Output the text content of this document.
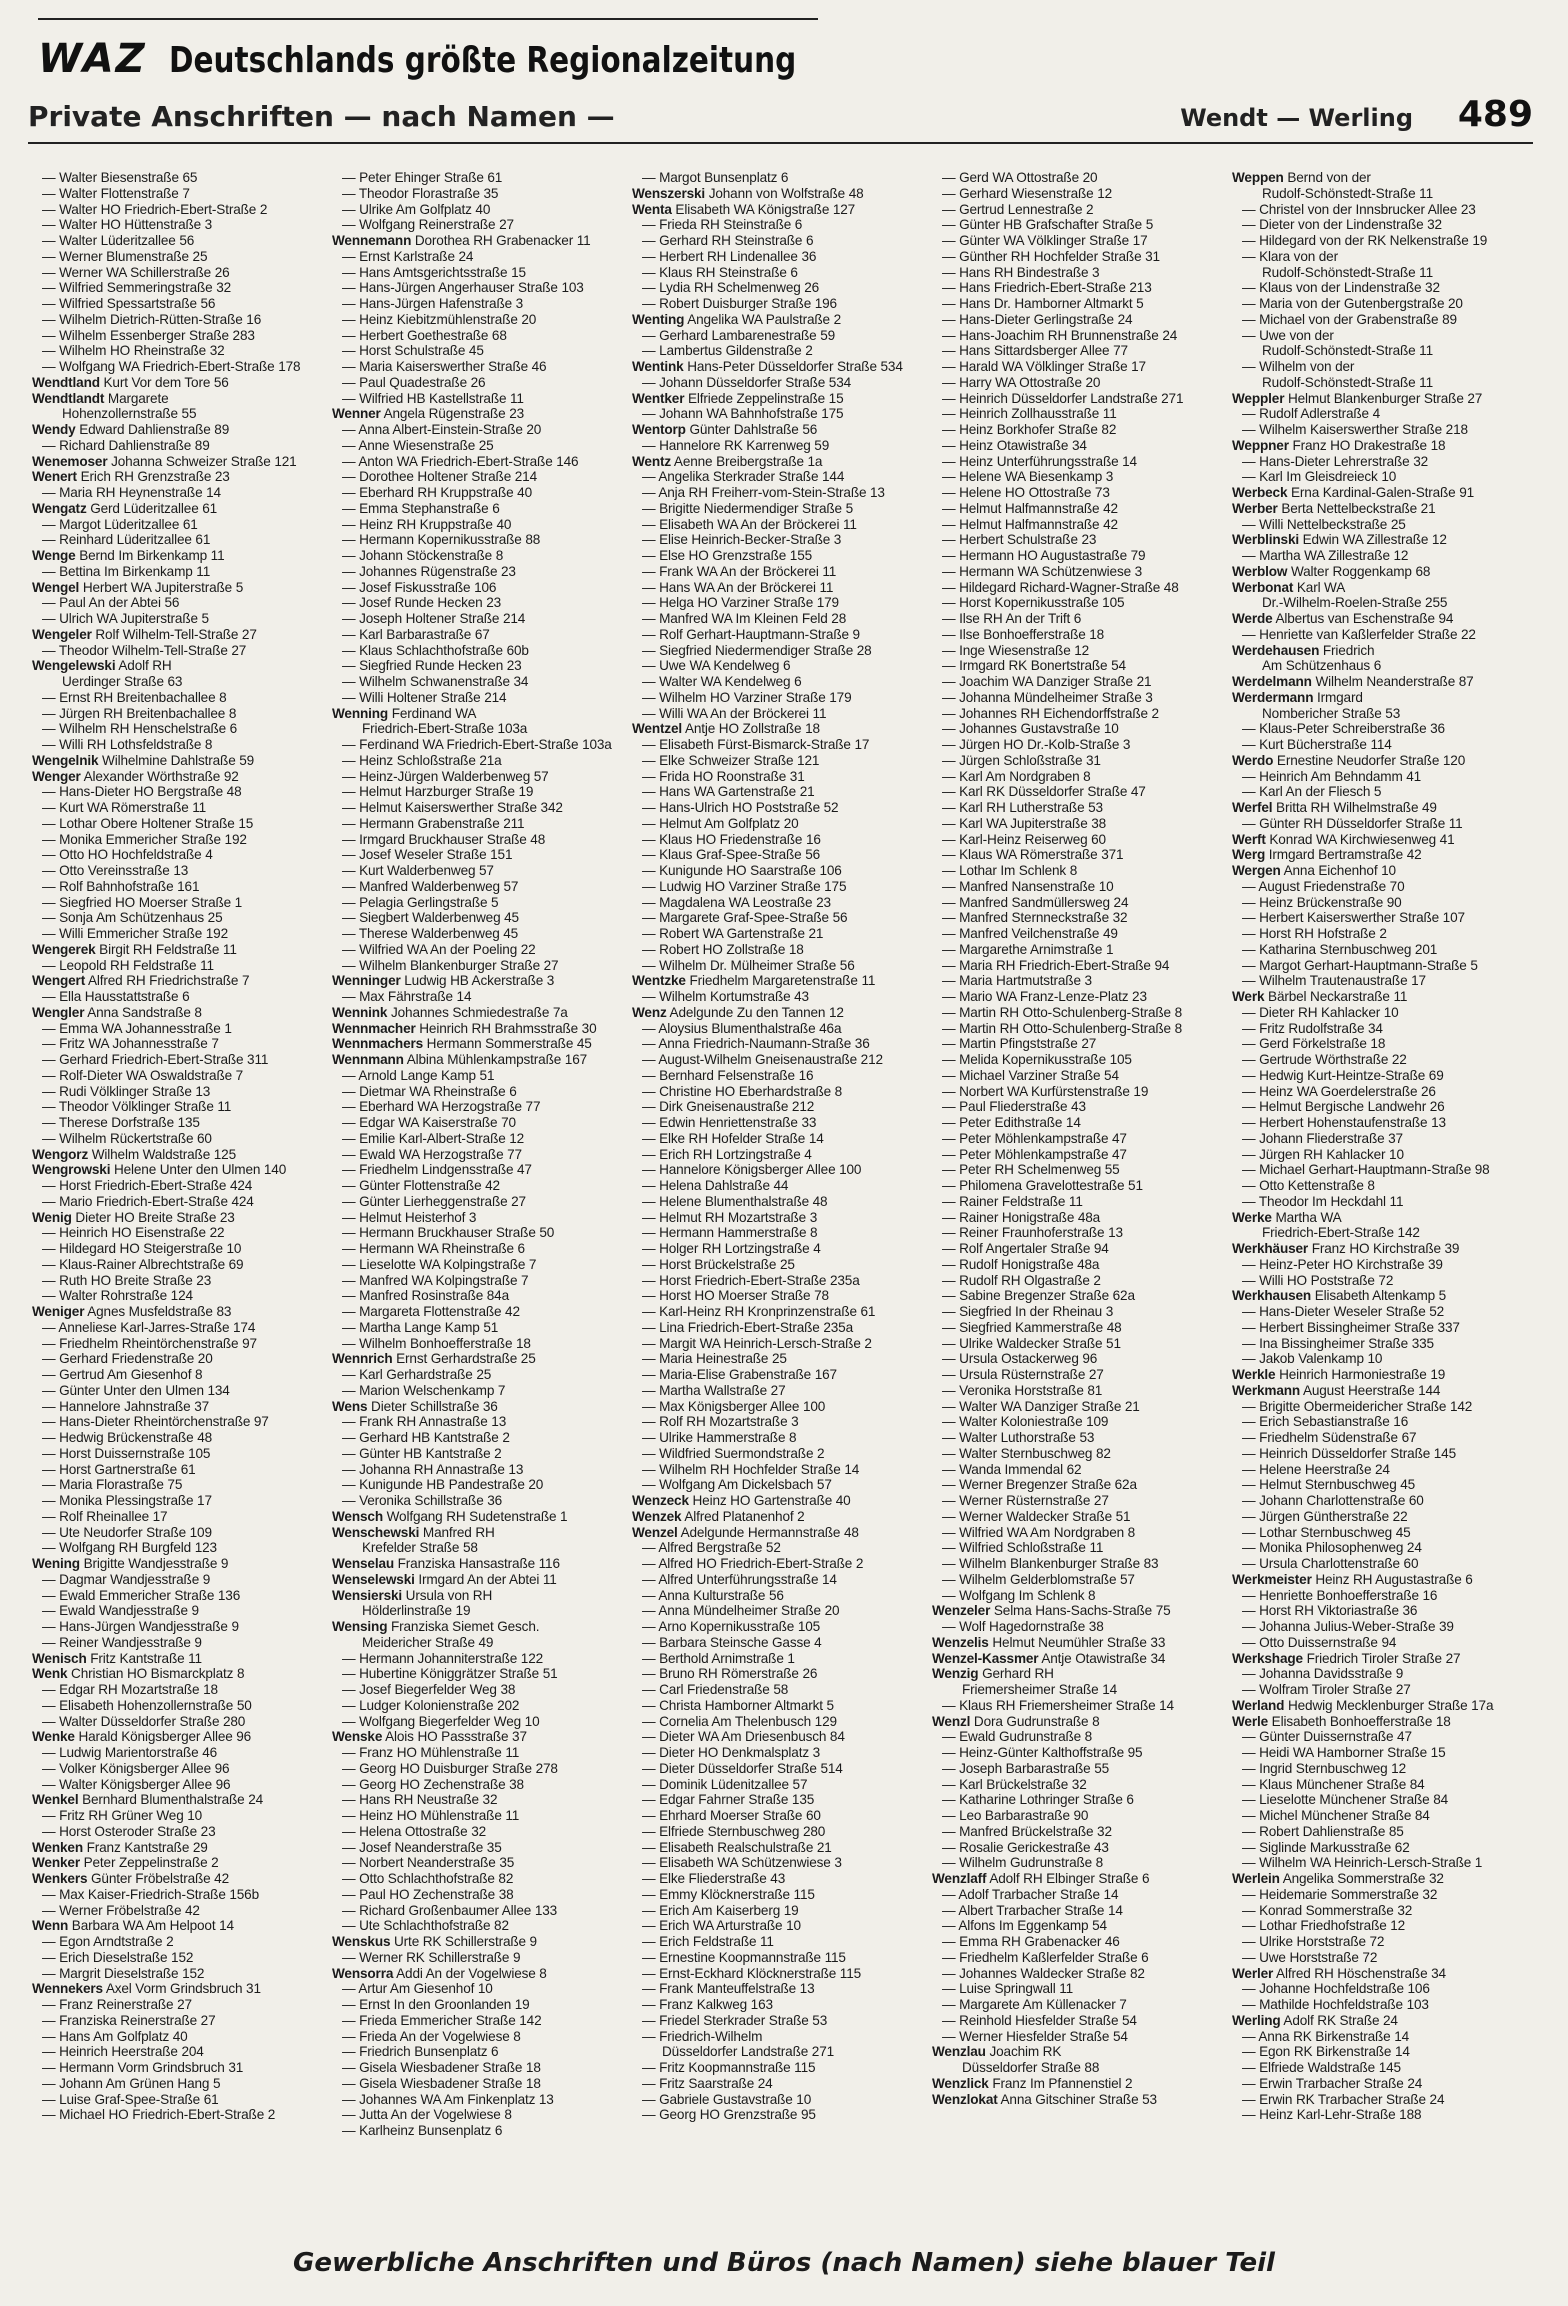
WAZ Deutschlands größte Regionalzeitung
Private Anschriften — nach Namen —	Wendt — Werling 489
— Walter Biesenstraße 65
— Walter Flottenstraße 7
— Walter HO Friedrich-Ebert-Straße 2
— Walter HO Hüttenstraße 3
— Walter Lüderitzallee 56
— Werner Blumenstraße 25
— Werner WA Schillerstraße 26
— Wilfried Semmeringstraße 32
— Wilfried Spessartstraße 56
— Wilhelm Dietrich-Rütten-Straße 16
— Wilhelm Essenberger Straße 283
— Wilhelm HO Rheinstraße 32
— Wolfgang WA Friedrich-Ebert-Straße 178
Wendtland Kurt Vor dem Tore 56
Wendtlandt Margarete
Hohenzollernstraße 55
Wendy Edward Dahlienstraße 89
— Richard Dahlienstraße 89
Wenemoser Johanna Schweizer Straße 121
Wenert Erich RH Grenzstraße 23
— Maria RH Heynenstraße 14
Wengatz Gerd Lüderitzallee 61
— Margot Lüderitzallee 61
— Reinhard Lüderitzallee 61
Wenge Bernd Im Birkenkamp 11
— Bettina Im Birkenkamp 11
Wengel Herbert WA Jupiterstraße 5
— Paul An der Abtei 56
— Ulrich WA Jupiterstraße 5
Wengeler Rolf Wilhelm-Tell-Straße 27
— Theodor Wilhelm-Tell-Straße 27
Wengelewski Adolf RH
Uerdinger Straße 63
— Ernst RH Breitenbachallee 8
— Jürgen RH Breitenbachallee 8
— Wilhelm RH Henschelstraße 6
— Willi RH Lothsfeldstraße 8
Wengelnik Wilhelmine Dahlstraße 59
Wenger Alexander Wörthstraße 92
— Hans-Dieter HO Bergstraße 48
— Kurt WA Römerstraße 11
— Lothar Obere Holtener Straße 15
— Monika Emmericher Straße 192
— Otto HO Hochfeldstraße 4
— Otto Vereinsstraße 13
— Rolf Bahnhofstraße 161
— Siegfried HO Moerser Straße 1
— Sonja Am Schützenhaus 25
— Willi Emmericher Straße 192
Wengerek Birgit RH Feldstraße 11
— Leopold RH Feldstraße 11
Wengert Alfred RH Friedrichstraße 7
— Ella Hausstattstraße 6
Wengler Anna Sandstraße 8
— Emma WA Johannesstraße 1
— Fritz WA Johannesstraße 7
— Gerhard Friedrich-Ebert-Straße 311
— Rolf-Dieter WA Oswaldstraße 7
— Rudi Völklinger Straße 13
— Theodor Völklinger Straße 11
— Therese Dorfstraße 135
— Wilhelm Rückertstraße 60
Wengorz Wilhelm Waldstraße 125
Wengrowski Helene Unter den Ulmen 140
— Horst Friedrich-Ebert-Straße 424
— Mario Friedrich-Ebert-Straße 424
Wenig Dieter HO Breite Straße 23
— Heinrich HO Eisenstraße 22
— Hildegard HO Steigerstraße 10
— Klaus-Rainer Albrechtstraße 69
— Ruth HO Breite Straße 23
— Walter Rohrstraße 124
Weniger Agnes Musfeldstraße 83
— Anneliese Karl-Jarres-Straße 174
— Friedhelm Rheintörchenstraße 97
— Gerhard Friedenstraße 20
— Gertrud Am Giesenhof 8
— Günter Unter den Ulmen 134
— Hannelore Jahnstraße 37
— Hans-Dieter Rheintörchenstraße 97
— Hedwig Brückenstraße 48
— Horst Duissernstraße 105
— Horst Gartnerstraße 61
— Maria Florastraße 75
— Monika Plessingstraße 17
— Rolf Rheinallee 17
— Ute Neudorfer Straße 109
— Wolfgang RH Burgfeld 123
Wening Brigitte Wandjesstraße 9
— Dagmar Wandjesstraße 9
— Ewald Emmericher Straße 136
— Ewald Wandjesstraße 9
— Hans-Jürgen Wandjesstraße 9
— Reiner Wandjesstraße 9
Wenisch Fritz Kantstraße 11
Wenk Christian HO Bismarckplatz 8
— Edgar RH Mozartstraße 18
— Elisabeth Hohenzollernstraße 50
— Walter Düsseldorfer Straße 280
Wenke Harald Königsberger Allee 96
— Ludwig Marientorstraße 46
— Volker Königsberger Allee 96
— Walter Königsberger Allee 96
Wenkel Bernhard Blumenthalstraße 24
— Fritz RH Grüner Weg 10
— Horst Osteroder Straße 23
Wenken Franz Kantstraße 29
Wenker Peter Zeppelinstraße 2
Wenkers Günter Fröbelstraße 42
— Max Kaiser-Friedrich-Straße 156b
— Werner Fröbelstraße 42
Wenn Barbara WA Am Helpoot 14
— Egon Arndtstraße 2
— Erich Dieselstraße 152
— Margrit Dieselstraße 152
Wennekers Axel Vorm Grindsbruch 31
— Franz Reinerstraße 27
— Franziska Reinerstraße 27
— Hans Am Golfplatz 40
— Heinrich Heerstraße 204
— Hermann Vorm Grindsbruch 31
— Johann Am Grünen Hang 5
— Luise Graf-Spee-Straße 61
— Michael HO Friedrich-Ebert-Straße 2
— Peter Ehinger Straße 61
— Theodor Florastraße 35
— Ulrike Am Golfplatz 40
— Wolfgang Reinerstraße 27
Wennemann Dorothea RH Grabenacker 11
— Ernst Karlstraße 24
— Hans Amtsgerichtsstraße 15
— Hans-Jürgen Angerhauser Straße 103
— Hans-Jürgen Hafenstraße 3
— Heinz Kiebitzmühlenstraße 20
— Herbert Goethestraße 68
— Horst Schulstraße 45
— Maria Kaiserswerther Straße 46
— Paul Quadestraße 26
— Wilfried HB Kastellstraße 11
Wenner Angela Rügenstraße 23
— Anna Albert-Einstein-Straße 20
— Anne Wiesenstraße 25
— Anton WA Friedrich-Ebert-Straße 146
— Dorothee Holtener Straße 214
— Eberhard RH Kruppstraße 40
— Emma Stephanstraße 6
— Heinz RH Kruppstraße 40
— Hermann Kopernikusstraße 88
— Johann Stöckenstraße 8
— Johannes Rügenstraße 23
— Josef Fiskusstraße 106
— Josef Runde Hecken 23
— Joseph Holtener Straße 214
— Karl Barbarastraße 67
— Klaus Schlachthofstraße 60b
— Siegfried Runde Hecken 23
— Wilhelm Schwanenstraße 34
— Willi Holtener Straße 214
Wenning Ferdinand WA
Friedrich-Ebert-Straße 103a
— Ferdinand WA Friedrich-Ebert-Straße 103a
— Heinz Schloßstraße 21a
— Heinz-Jürgen Walderbenweg 57
— Helmut Harzburger Straße 19
— Helmut Kaiserswerther Straße 342
— Hermann Grabenstraße 211
— Irmgard Bruckhauser Straße 48
— Josef Weseler Straße 151
— Kurt Walderbenweg 57
— Manfred Walderbenweg 57
— Pelagia Gerlingstraße 5
— Siegbert Walderbenweg 45
— Therese Walderbenweg 45
— Wilfried WA An der Poeling 22
— Wilhelm Blankenburger Straße 27
Wenninger Ludwig HB Ackerstraße 3
— Max Fährstraße 14
Wennink Johannes Schmiedestraße 7a
Wennmacher Heinrich RH Brahmsstraße 30
Wennmachers Hermann Sommerstraße 45
Wennmann Albina Mühlenkampstraße 167
— Arnold Lange Kamp 51
— Dietmar WA Rheinstraße 6
— Eberhard WA Herzogstraße 77
— Edgar WA Kaiserstraße 70
— Emilie Karl-Albert-Straße 12
— Ewald WA Herzogstraße 77
— Friedhelm Lindgensstraße 47
— Günter Flottenstraße 42
— Günter Lierheggenstraße 27
— Helmut Heisterhof 3
— Hermann Bruckhauser Straße 50
— Hermann WA Rheinstraße 6
— Lieselotte WA Kolpingstraße 7
— Manfred WA Kolpingstraße 7
— Manfred Rosinstraße 84a
— Margareta Flottenstraße 42
— Martha Lange Kamp 51
— Wilhelm Bonhoefferstraße 18
Wennrich Ernst Gerhardstraße 25
— Karl Gerhardstraße 25
— Marion Welschenkamp 7
Wens Dieter Schillstraße 36
— Frank RH Annastraße 13
— Gerhard HB Kantstraße 2
— Günter HB Kantstraße 2
— Johanna RH Annastraße 13
— Kunigunde HB Pandestraße 20
— Veronika Schillstraße 36
Wensch Wolfgang RH Sudetenstraße 1
Wenschewski Manfred RH
Krefelder Straße 58
Wenselau Franziska Hansastraße 116
Wenselewski Irmgard An der Abtei 11
Wensierski Ursula von RH
Hölderlinstraße 19
Wensing Franziska Siemet Gesch.
Meidericher Straße 49
— Hermann Johanniterstraße 122
— Hubertine Königgrätzer Straße 51
— Josef Biegerfelder Weg 38
— Ludger Kolonienstraße 202
— Wolfgang Biegerfelder Weg 10
Wenske Alois HO Passstraße 37
— Franz HO Mühlenstraße 11
— Georg HO Duisburger Straße 278
— Georg HO Zechenstraße 38
— Hans RH Neustraße 32
— Heinz HO Mühlenstraße 11
— Helena Ottostraße 32
— Josef Neanderstraße 35
— Norbert Neanderstraße 35
— Otto Schlachthofstraße 82
— Paul HO Zechenstraße 38
— Richard Großenbaumer Allee 133
— Ute Schlachthofstraße 82
Wenskus Urte RK Schillerstraße 9
— Werner RK Schillerstraße 9
Wensorra Addi An der Vogelwiese 8
— Artur Am Giesenhof 10
— Ernst In den Groonlanden 19
— Frieda Emmericher Straße 142
— Frieda An der Vogelwiese 8
— Friedrich Bunsenplatz 6
— Gisela Wiesbadener Straße 18
— Gisela Wiesbadener Straße 18
— Johannes WA Am Finkenplatz 13
— Jutta An der Vogelwiese 8
— Karlheinz Bunsenplatz 6
— Margot Bunsenplatz 6
Wenszerski Johann von Wolfstraße 48
Wenta Elisabeth WA Königstraße 127
— Frieda RH Steinstraße 6
— Gerhard RH Steinstraße 6
— Herbert RH Lindenallee 36
— Klaus RH Steinstraße 6
— Lydia RH Schelmenweg 26
— Robert Duisburger Straße 196
Wenting Angelika WA Paulstraße 2
— Gerhard Lambarenestraße 59
— Lambertus Gildenstraße 2
Wentink Hans-Peter Düsseldorfer Straße 534
— Johann Düsseldorfer Straße 534
Wentker Elfriede Zeppelinstraße 15
— Johann WA Bahnhofstraße 175
Wentorp Günter Dahlstraße 56
— Hannelore RK Karrenweg 59
Wentz Aenne Breibergstraße 1a
— Angelika Sterkrader Straße 144
— Anja RH Freiherr-vom-Stein-Straße 13
— Brigitte Niedermendiger Straße 5
— Elisabeth WA An der Bröckerei 11
— Elise Heinrich-Becker-Straße 3
— Else HO Grenzstraße 155
— Frank WA An der Bröckerei 11
— Hans WA An der Bröckerei 11
— Helga HO Varziner Straße 179
— Manfred WA Im Kleinen Feld 28
— Rolf Gerhart-Hauptmann-Straße 9
— Siegfried Niedermendiger Straße 28
— Uwe WA Kendelweg 6
— Walter WA Kendelweg 6
— Wilhelm HO Varziner Straße 179
— Willi WA An der Bröckerei 11
Wentzel Antje HO Zollstraße 18
— Elisabeth Fürst-Bismarck-Straße 17
— Elke Schweizer Straße 121
— Frida HO Roonstraße 31
— Hans WA Gartenstraße 21
— Hans-Ulrich HO Poststraße 52
— Helmut Am Golfplatz 20
— Klaus HO Friedenstraße 16
— Klaus Graf-Spee-Straße 56
— Kunigunde HO Saarstraße 106
— Ludwig HO Varziner Straße 175
— Magdalena WA Leostraße 23
— Margarete Graf-Spee-Straße 56
— Robert WA Gartenstraße 21
— Robert HO Zollstraße 18
— Wilhelm Dr. Mülheimer Straße 56
Wentzke Friedhelm Margaretenstraße 11
— Wilhelm Kortumstraße 43
Wenz Adelgunde Zu den Tannen 12
— Aloysius Blumenthalstraße 46a
— Anna Friedrich-Naumann-Straße 36
— August-Wilhelm Gneisenaustraße 212
— Bernhard Felsenstraße 16
— Christine HO Eberhardstraße 8
— Dirk Gneisenaustraße 212
— Edwin Henriettenstraße 33
— Elke RH Hofelder Straße 14
— Erich RH Lortzingstraße 4
— Hannelore Königsberger Allee 100
— Helena Dahlstraße 44
— Helene Blumenthalstraße 48
— Helmut RH Mozartstraße 3
— Hermann Hammerstraße 8
— Holger RH Lortzingstraße 4
— Horst Brückelstraße 25
— Horst Friedrich-Ebert-Straße 235a
— Horst HO Moerser Straße 78
— Karl-Heinz RH Kronprinzenstraße 61
— Lina Friedrich-Ebert-Straße 235a
— Margit WA Heinrich-Lersch-Straße 2
— Maria Heinestraße 25
— Maria-Elise Grabenstraße 167
— Martha Wallstraße 27
— Max Königsberger Allee 100
— Rolf RH Mozartstraße 3
— Ulrike Hammerstraße 8
— Wildfried Suermondstraße 2
— Wilhelm RH Hochfelder Straße 14
— Wolfgang Am Dickelsbach 57
Wenzeck Heinz HO Gartenstraße 40
Wenzek Alfred Platanenhof 2
Wenzel Adelgunde Hermannstraße 48
— Alfred Bergstraße 52
— Alfred HO Friedrich-Ebert-Straße 2
— Alfred Unterführungsstraße 14
— Anna Kulturstraße 56
— Anna Mündelheimer Straße 20
— Arno Kopernikusstraße 105
— Barbara Steinsche Gasse 4
— Berthold Arnimstraße 1
— Bruno RH Römerstraße 26
— Carl Friedenstraße 58
— Christa Hamborner Altmarkt 5
— Cornelia Am Thelenbusch 129
— Dieter WA Am Driesenbusch 84
— Dieter HO Denkmalsplatz 3
— Dieter Düsseldorfer Straße 514
— Dominik Lüdenitzallee 57
— Edgar Fahrner Straße 135
— Ehrhard Moerser Straße 60
— Elfriede Sternbuschweg 280
— Elisabeth Realschulstraße 21
— Elisabeth WA Schützenwiese 3
— Elke Fliederstraße 43
— Emmy Klöcknerstraße 115
— Erich Am Kaiserberg 19
— Erich WA Arturstraße 10
— Erich Feldstraße 11
— Ernestine Koopmannstraße 115
— Ernst-Eckhard Klöcknerstraße 115
— Frank Manteuffelstraße 13
— Franz Kalkweg 163
— Friedel Sterkrader Straße 53
— Friedrich-Wilhelm
Düsseldorfer Landstraße 271
— Fritz Koopmannstraße 115
— Fritz Saarstraße 24
— Gabriele Gustavstraße 10
— Georg HO Grenzstraße 95
— Gerd WA Ottostraße 20
— Gerhard Wiesenstraße 12
— Gertrud Lennestraße 2
— Günter HB Grafschafter Straße 5
— Günter WA Völklinger Straße 17
— Günther RH Hochfelder Straße 31
— Hans RH Bindestraße 3
— Hans Friedrich-Ebert-Straße 213
— Hans Dr. Hamborner Altmarkt 5
— Hans-Dieter Gerlingstraße 24
— Hans-Joachim RH Brunnenstraße 24
— Hans Sittardsberger Allee 77
— Harald WA Völklinger Straße 17
— Harry WA Ottostraße 20
— Heinrich Düsseldorfer Landstraße 271
— Heinrich Zollhausstraße 11
— Heinz Borkhofer Straße 82
— Heinz Otawistraße 34
— Heinz Unterführungsstraße 14
— Helene WA Biesenkamp 3
— Helene HO Ottostraße 73
— Helmut Halfmannstraße 42
— Helmut Halfmannstraße 42
— Herbert Schulstraße 23
— Hermann HO Augustastraße 79
— Hermann WA Schützenwiese 3
— Hildegard Richard-Wagner-Straße 48
— Horst Kopernikusstraße 105
— Ilse RH An der Trift 6
— Ilse Bonhoefferstraße 18
— Inge Wiesenstraße 12
— Irmgard RK Bonertstraße 54
— Joachim WA Danziger Straße 21
— Johanna Mündelheimer Straße 3
— Johannes RH Eichendorffstraße 2
— Johannes Gustavstraße 10
— Jürgen HO Dr.-Kolb-Straße 3
— Jürgen Schloßstraße 31
— Karl Am Nordgraben 8
— Karl RK Düsseldorfer Straße 47
— Karl RH Lutherstraße 53
— Karl WA Jupiterstraße 38
— Karl-Heinz Reiserweg 60
— Klaus WA Römerstraße 371
— Lothar Im Schlenk 8
— Manfred Nansenstraße 10
— Manfred Sandmüllersweg 24
— Manfred Sternneckstraße 32
— Manfred Veilchenstraße 49
— Margarethe Arnimstraße 1
— Maria RH Friedrich-Ebert-Straße 94
— Maria Hartmutstraße 3
— Mario WA Franz-Lenze-Platz 23
— Martin RH Otto-Schulenberg-Straße 8
— Martin RH Otto-Schulenberg-Straße 8
— Martin Pfingststraße 27
— Melida Kopernikusstraße 105
— Michael Varziner Straße 54
— Norbert WA Kurfürstenstraße 19
— Paul Fliederstraße 43
— Peter Edithstraße 14
— Peter Möhlenkampstraße 47
— Peter Möhlenkampstraße 47
— Peter RH Schelmenweg 55
— Philomena Gravelottestraße 51
— Rainer Feldstraße 11
— Rainer Honigstraße 48a
— Reiner Fraunhoferstraße 13
— Rolf Angertaler Straße 94
— Rudolf Honigstraße 48a
— Rudolf RH Olgastraße 2
— Sabine Bregenzer Straße 62a
— Siegfried In der Rheinau 3
— Siegfried Kammerstraße 48
— Ulrike Waldecker Straße 51
— Ursula Ostackerweg 96
— Ursula Rüsternstraße 27
— Veronika Horststraße 81
— Walter WA Danziger Straße 21
— Walter Koloniestraße 109
— Walter Luthorstraße 53
— Walter Sternbuschweg 82
— Wanda Immendal 62
— Werner Bregenzer Straße 62a
— Werner Rüsternstraße 27
— Werner Waldecker Straße 51
— Wilfried WA Am Nordgraben 8
— Wilfried Schloßstraße 11
— Wilhelm Blankenburger Straße 83
— Wilhelm Gelderblomstraße 57
— Wolfgang Im Schlenk 8
Wenzeler Selma Hans-Sachs-Straße 75
— Wolf Hagedornstraße 38
Wenzelis Helmut Neumühler Straße 33
Wenzel-Kassmer Antje Otawistraße 34
Wenzig Gerhard RH
Friemersheimer Straße 14
— Klaus RH Friemersheimer Straße 14
Wenzl Dora Gudrunstraße 8
— Ewald Gudrunstraße 8
— Heinz-Günter Kalthoffstraße 95
— Joseph Barbarastraße 55
— Karl Brückelstraße 32
— Katharine Lothringer Straße 6
— Leo Barbarastraße 90
— Manfred Brückelstraße 32
— Rosalie Gerickestraße 43
— Wilhelm Gudrunstraße 8
Wenzlaff Adolf RH Elbinger Straße 6
— Adolf Trarbacher Straße 14
— Albert Trarbacher Straße 14
— Alfons Im Eggenkamp 54
— Emma RH Grabenacker 46
— Friedhelm Kaßlerfelder Straße 6
— Johannes Waldecker Straße 82
— Luise Springwall 11
— Margarete Am Küllenacker 7
— Reinhold Hiesfelder Straße 54
— Werner Hiesfelder Straße 54
Wenzlau Joachim RK
Düsseldorfer Straße 88
Wenzlick Franz Im Pfannenstiel 2
Wenzlokat Anna Gitschiner Straße 53
Weppen Bernd von der
Rudolf-Schönstedt-Straße 11
— Christel von der Innsbrucker Allee 23
— Dieter von der Lindenstraße 32
— Hildegard von der RK Nelkenstraße 19
— Klara von der
Rudolf-Schönstedt-Straße 11
— Klaus von der Lindenstraße 32
— Maria von der Gutenbergstraße 20
— Michael von der Grabenstraße 89
— Uwe von der
Rudolf-Schönstedt-Straße 11
— Wilhelm von der
Rudolf-Schönstedt-Straße 11
Weppler Helmut Blankenburger Straße 27
— Rudolf Adlerstraße 4
— Wilhelm Kaiserswerther Straße 218
Weppner Franz HO Drakestraße 18
— Hans-Dieter Lehrerstraße 32
— Karl Im Gleisdreieck 10
Werbeck Erna Kardinal-Galen-Straße 91
Werber Berta Nettelbeckstraße 21
— Willi Nettelbeckstraße 25
Werblinski Edwin WA Zillestraße 12
— Martha WA Zillestraße 12
Werblow Walter Roggenkamp 68
Werbonat Karl WA
Dr.-Wilhelm-Roelen-Straße 255
Werde Albertus van Eschenstraße 94
— Henriette van Kaßlerfelder Straße 22
Werdehausen Friedrich
Am Schützenhaus 6
Werdelmann Wilhelm Neanderstraße 87
Werdermann Irmgard
Nombericher Straße 53
— Klaus-Peter Schreiberstraße 36
— Kurt Bücherstraße 114
Werdo Ernestine Neudorfer Straße 120
— Heinrich Am Behndamm 41
— Karl An der Fliesch 5
Werfel Britta RH Wilhelmstraße 49
— Günter RH Düsseldorfer Straße 11
Werft Konrad WA Kirchwiesenweg 41
Werg Irmgard Bertramstraße 42
Wergen Anna Eichenhof 10
— August Friedenstraße 70
— Heinz Brückenstraße 90
— Herbert Kaiserswerther Straße 107
— Horst RH Hofstraße 2
— Katharina Sternbuschweg 201
— Margot Gerhart-Hauptmann-Straße 5
— Wilhelm Trautenaustraße 17
Werk Bärbel Neckarstraße 11
— Dieter RH Kahlacker 10
— Fritz Rudolfstraße 34
— Gerd Förkelstraße 18
— Gertrude Wörthstraße 22
— Hedwig Kurt-Heintze-Straße 69
— Heinz WA Goerdelerstraße 26
— Helmut Bergische Landwehr 26
— Herbert Hohenstaufenstraße 13
— Johann Fliederstraße 37
— Jürgen RH Kahlacker 10
— Michael Gerhart-Hauptmann-Straße 98
— Otto Kettenstraße 8
— Theodor Im Heckdahl 11
Werke Martha WA
Friedrich-Ebert-Straße 142
Werkhäuser Franz HO Kirchstraße 39
— Heinz-Peter HO Kirchstraße 39
— Willi HO Poststraße 72
Werkhausen Elisabeth Altenkamp 5
— Hans-Dieter Weseler Straße 52
— Herbert Bissingheimer Straße 337
— Ina Bissingheimer Straße 335
— Jakob Valenkamp 10
Werkle Heinrich Harmoniestraße 19
Werkmann August Heerstraße 144
— Brigitte Obermeidericher Straße 142
— Erich Sebastianstraße 16
— Friedhelm Südenstraße 67
— Heinrich Düsseldorfer Straße 145
— Helene Heerstraße 24
— Helmut Sternbuschweg 45
— Johann Charlottenstraße 60
— Jürgen Güntherstraße 22
— Lothar Sternbuschweg 45
— Monika Philosophenweg 24
— Ursula Charlottenstraße 60
Werkmeister Heinz RH Augustastraße 6
— Henriette Bonhoefferstraße 16
— Horst RH Viktoriastraße 36
— Johanna Julius-Weber-Straße 39
— Otto Duissernstraße 94
Werkshage Friedrich Tiroler Straße 27
— Johanna Davidsstraße 9
— Wolfram Tiroler Straße 27
Werland Hedwig Mecklenburger Straße 17a
Werle Elisabeth Bonhoefferstraße 18
— Günter Duissernstraße 47
— Heidi WA Hamborner Straße 15
— Ingrid Sternbuschweg 12
— Klaus Münchener Straße 84
— Lieselotte Münchener Straße 84
— Michel Münchener Straße 84
— Robert Dahlienstraße 85
— Siglinde Markusstraße 62
— Wilhelm WA Heinrich-Lersch-Straße 1
Werlein Angelika Sommerstraße 32
— Heidemarie Sommerstraße 32
— Konrad Sommerstraße 32
— Lothar Friedhofstraße 12
— Ulrike Horststraße 72
— Uwe Horststraße 72
Werler Alfred RH Höschenstraße 34
— Johanne Hochfeldstraße 106
— Mathilde Hochfeldstraße 103
Werling Adolf RK Straße 24
— Anna RK Birkenstraße 14
— Egon RK Birkenstraße 14
— Elfriede Waldstraße 145
— Erwin Trarbacher Straße 24
— Erwin RK Trarbacher Straße 24
— Heinz Karl-Lehr-Straße 188
Gewerbliche Anschriften und Büros (nach Namen) siehe blauer Teil
